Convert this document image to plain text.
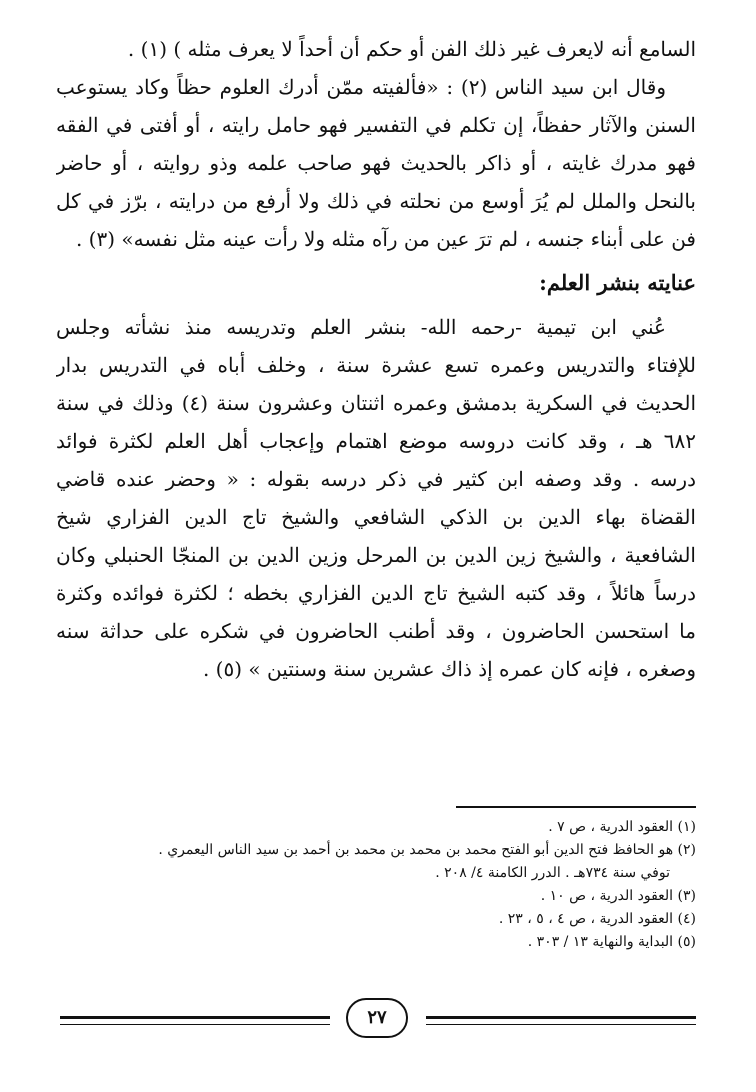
السامع أنه لايعرف غير ذلك الفن أو حكم أن أحداً لا يعرف مثله ) (١) .
وقال ابن سيد الناس (٢) : «فألفيته ممّن أدرك العلوم حظاً وكاد يستوعب
السنن والآثار حفظاً، إن تكلم في التفسير فهو حامل رايته ، أو أفتى في الفقه
فهو مدرك غايته ، أو ذاكر بالحديث فهو صاحب علمه وذو روايته ، أو حاضر
بالنحل والملل لم يُرَ أوسع من نحلته في ذلك ولا أرفع من درايته ، برّز في كل
فن على أبناء جنسه ، لم ترَ عين من رآه مثله ولا رأت عينه مثل نفسه» (٣) .
عنايته بنشر العلم:
عُني ابن تيمية -رحمه الله- بنشر العلم وتدريسه منذ نشأته وجلس
للإفتاء والتدريس وعمره تسع عشرة سنة ، وخلف أباه في التدريس بدار
الحديث في السكرية بدمشق وعمره اثنتان وعشرون سنة (٤) وذلك في سنة
٦٨٢ هـ ، وقد كانت دروسه موضع اهتمام وإعجاب أهل العلم لكثرة فوائد
درسه . وقد وصفه ابن كثير في ذكر درسه بقوله : « وحضر عنده قاضي
القضاة بهاء الدين بن الذكي الشافعي والشيخ تاج الدين الفزاري شيخ
الشافعية ، والشيخ زين الدين بن المرحل وزين الدين بن المنجّا الحنبلي وكان
درساً هائلاً ، وقد كتبه الشيخ تاج الدين الفزاري بخطه ؛ لكثرة فوائده وكثرة
ما استحسن الحاضرون ، وقد أطنب الحاضرون في شكره على حداثة سنه
وصغره ، فإنه كان عمره إذ ذاك عشرين سنة وسنتين » (٥) .
(١) العقود الدرية ، ص ٧ .
(٢) هو الحافظ فتح الدين أبو الفتح محمد بن محمد بن محمد بن أحمد بن سيد الناس اليعمري .
توفي سنة ٧٣٤هـ . الدرر الكامنة ٤/ ٢٠٨ .
(٣) العقود الدرية ، ص ١٠ .
(٤) العقود الدرية ، ص ٤ ، ٥ ، ٢٣ .
(٥) البداية والنهاية ١٣ / ٣٠٣ .
٢٧
